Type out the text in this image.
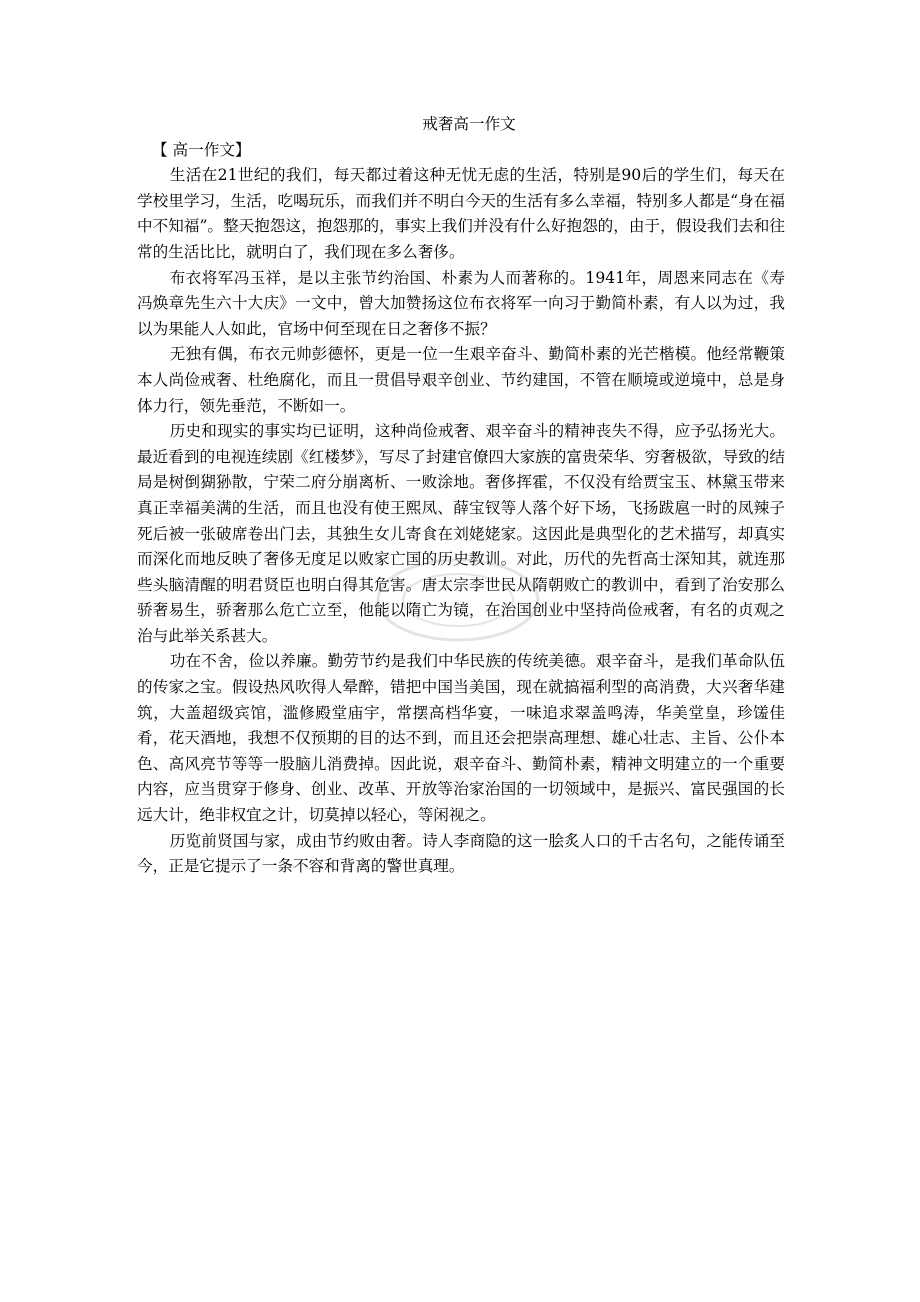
戒奢高一作文

【 高一作文】

生活在21世纪的我们，每天都过着这种无忧无虑的生活，特别是90后的学生们，每天在学校里学习，生活，吃喝玩乐，而我们并不明白今天的生活有多么幸福，特别多人都是“身在福中不知福”。整天抱怨这，抱怨那的，事实上我们并没有什么好抱怨的，由于，假设我们去和往常的生活比比，就明白了，我们现在多么奢侈。

布衣将军冯玉祥，是以主张节约治国、朴素为人而著称的。1941年，周恩来同志在《寿冯焕章先生六十大庆》一文中，曾大加赞扬这位布衣将军一向习于勤简朴素，有人以为过，我以为果能人人如此，官场中何至现在日之奢侈不振？

无独有偶，布衣元帅彭德怀，更是一位一生艰辛奋斗、勤简朴素的光芒楷模。他经常鞭策本人尚俭戒奢、杜绝腐化，而且一贯倡导艰辛创业、节约建国，不管在顺境或逆境中，总是身体力行，领先垂范，不断如一。

历史和现实的事实均已证明，这种尚俭戒奢、艰辛奋斗的精神丧失不得，应予弘扬光大。最近看到的电视连续剧《红楼梦》，写尽了封建官僚四大家族的富贵荣华、穷奢极欲，导致的结局是树倒猢狲散，宁荣二府分崩离析、一败涂地。奢侈挥霍，不仅没有给贾宝玉、林黛玉带来真正幸福美满的生活，而且也没有使王熙凤、薛宝钗等人落个好下场，飞扬跋扈一时的凤辣子死后被一张破席卷出门去，其独生女儿寄食在刘姥姥家。这因此是典型化的艺术描写，却真实而深化而地反映了奢侈无度足以败家亡国的历史教训。对此，历代的先哲高士深知其，就连那些头脑清醒的明君贤臣也明白得其危害。唐太宗李世民从隋朝败亡的教训中，看到了治安那么骄奢易生，骄奢那么危亡立至，他能以隋亡为镜，在治国创业中坚持尚俭戒奢，有名的贞观之治与此举关系甚大。

功在不舍，俭以养廉。勤劳节约是我们中华民族的传统美德。艰辛奋斗，是我们革命队伍的传家之宝。假设热风吹得人晕醉，错把中国当美国，现在就搞福利型的高消费，大兴奢华建筑，大盖超级宾馆，滥修殿堂庙宇，常摆高档华宴，一味追求翠盖鸣涛，华美堂皇，珍馐佳肴，花天酒地，我想不仅预期的目的达不到，而且还会把崇高理想、雄心壮志、主旨、公仆本色、高风亮节等等一股脑儿消费掉。因此说，艰辛奋斗、勤简朴素，精神文明建立的一个重要内容，应当贯穿于修身、创业、改革、开放等治家治国的一切领域中，是振兴、富民强国的长远大计，绝非权宜之计，切莫掉以轻心，等闲视之。

历览前贤国与家，成由节约败由奢。诗人李商隐的这一脍炙人口的千古名句，之能传诵至今，正是它提示了一条不容和背离的警世真理。
